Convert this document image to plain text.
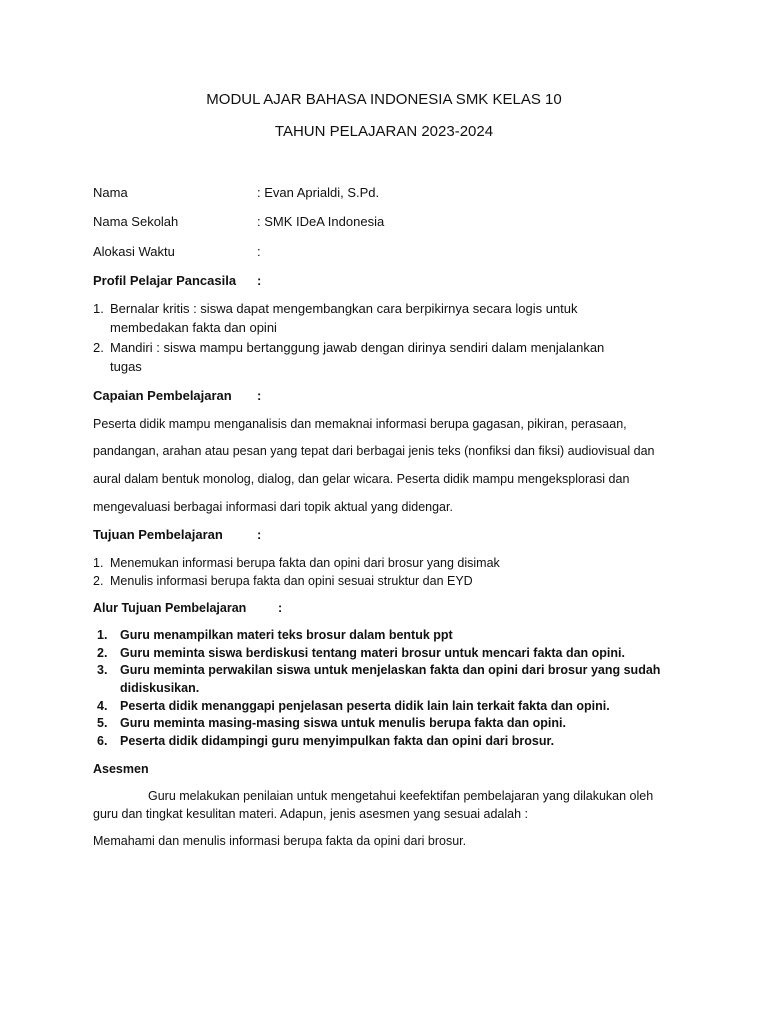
MODUL AJAR BAHASA INDONESIA SMK KELAS 10
TAHUN PELAJARAN 2023-2024
Nama	: Evan Aprialdi, S.Pd.
Nama Sekolah	: SMK IDeA Indonesia
Alokasi Waktu	:
Profil Pelajar Pancasila :
1. Bernalar kritis : siswa dapat mengembangkan cara berpikirnya secara logis untuk
membedakan fakta dan opini
2. Mandiri : siswa mampu bertanggung jawab dengan dirinya sendiri dalam menjalankan
tugas
Capaian Pembelajaran :
Peserta didik mampu menganalisis dan memaknai informasi berupa gagasan, pikiran, perasaan,
pandangan, arahan atau pesan yang tepat dari berbagai jenis teks (nonfiksi dan fiksi) audiovisual dan
aural dalam bentuk monolog, dialog, dan gelar wicara. Peserta didik mampu mengeksplorasi dan
mengevaluasi berbagai informasi dari topik aktual yang didengar.
Tujuan Pembelajaran	:
1. Menemukan informasi berupa fakta dan opini dari brosur yang disimak
2. Menulis informasi berupa fakta dan opini sesuai struktur dan EYD
Alur Tujuan Pembelajaran	:
1. Guru menampilkan materi teks brosur dalam bentuk ppt
2. Guru meminta siswa berdiskusi tentang materi brosur untuk mencari fakta dan opini.
3. Guru meminta perwakilan siswa untuk menjelaskan fakta dan opini dari brosur yang sudah
didiskusikan.
4. Peserta didik menanggapi penjelasan peserta didik lain lain terkait fakta dan opini.
5. Guru meminta masing-masing siswa untuk menulis berupa fakta dan opini.
6. Peserta didik didampingi guru menyimpulkan fakta dan opini dari brosur.
Asesmen
Guru melakukan penilaian untuk mengetahui keefektifan pembelajaran yang dilakukan oleh
guru dan tingkat kesulitan materi. Adapun, jenis asesmen yang sesuai adalah :
Memahami dan menulis informasi berupa fakta da opini dari brosur.
